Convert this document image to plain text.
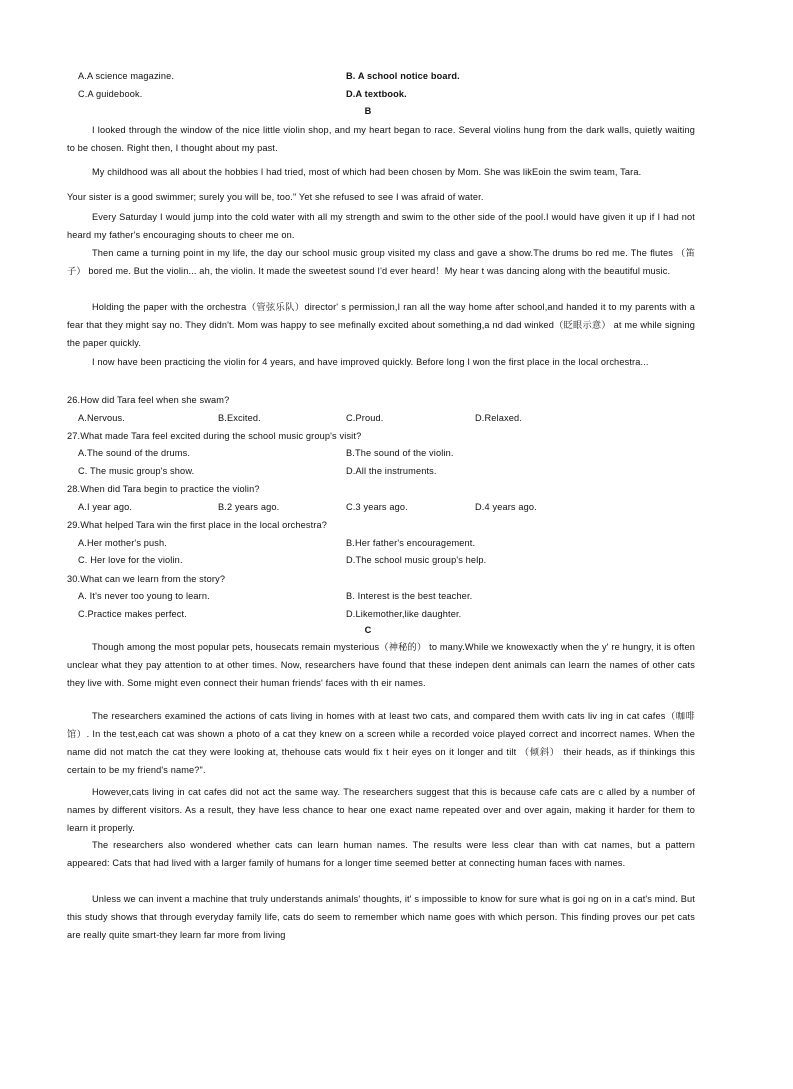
A.A science magazine.	B. A school notice board.
C.A guidebook.	D.A textbook.
B
I looked through the window of the nice little violin shop, and my heart began to race. Several violins hung from the dark walls, quietly waiting to be chosen. Right then, I thought about my past.
My childhood was all about the hobbies I had tried, most of which had been chosen by Mom. She was likEoin the swim team, Tara.
Your sister is a good swimmer; surely you will be, too." Yet she refused to see I was afraid of water.
Every Saturday I would jump into the cold water with all my strength and swim to the other side of the pool.I would have given it up if I had not heard my father's encouraging shouts to cheer me on.
Then came a turning point in my life, the day our school music group visited my class and gave a show.The drums bo red me. The flutes （笛子） bored me. But the violin... ah, the violin. It made the sweetest sound I'd ever heard！My hear t was dancing along with the beautiful music.
Holding the paper with the orchestra（管弦乐队）director' s permission,I ran all the way home after school,and handed it to my parents with a fear that they might say no. They didn't. Mom was happy to see mefinally excited about something,a nd dad winked（眨眼示意） at me while signing the paper quickly.
I now have been practicing the violin for 4 years, and have improved quickly. Before long I won the first place in the local orchestra...
26.How did Tara feel when she swam?
A.Nervous.	B.Excited.	C.Proud.	D.Relaxed.
27.What made Tara feel excited during the school music group's visit?
A.The sound of the drums.	B.The sound of the violin.
C. The music group's show.	D.All the instruments.
28.When did Tara begin to practice the violin?
A.I year ago.	B.2 years ago.	C.3 years ago.	D.4 years ago.
29.What helped Tara win the first place in the local orchestra?
A.Her mother's push.	B.Her father's encouragement.
C. Her love for the violin.	D.The school music group's help.
30.What can we learn from the story?
A. It's never too young to learn.	B. Interest is the best teacher.
C.Practice makes perfect.	D.Likemother,like daughter.
C
Though among the most popular pets, housecats remain mysterious（神秘的） to many.While we knowexactly when the y' re hungry, it is often unclear what they pay attention to at other times. Now, researchers have found that these indepen dent animals can learn the names of other cats they live with. Some might even connect their human friends' faces with th eir names.
The researchers examined the actions of cats living in homes with at least two cats, and compared them wvith cats liv ing in cat cafes（咖啡馆）. In the test,each cat was shown a photo of a cat they knew on a screen while a recorded voice played correct and incorrect names. When the name did not match the cat they were looking at, thehouse cats would fix t heir eyes on it longer and tilt （倾斜） their heads, as if thinkings this certain to be my friend's name?".
However,cats living in cat cafes did not act the same way. The researchers suggest that this is because cafe cats are c alled by a number of names by different visitors. As a result, they have less chance to hear one exact name repeated over and over again, making it harder for them to learn it properly.
The researchers also wondered whether cats can learn human names. The results were less clear than with cat names, but a pattern appeared: Cats that had lived with a larger family of humans for a longer time seemed better at connecting human faces with names.
Unless we can invent a machine that truly understands animals' thoughts, it' s impossible to know for sure what is goi ng on in a cat's mind. But this study shows that through everyday family life, cats do seem to remember which name goes with which person. This finding proves our pet cats are really quite smart-they learn far more from living
